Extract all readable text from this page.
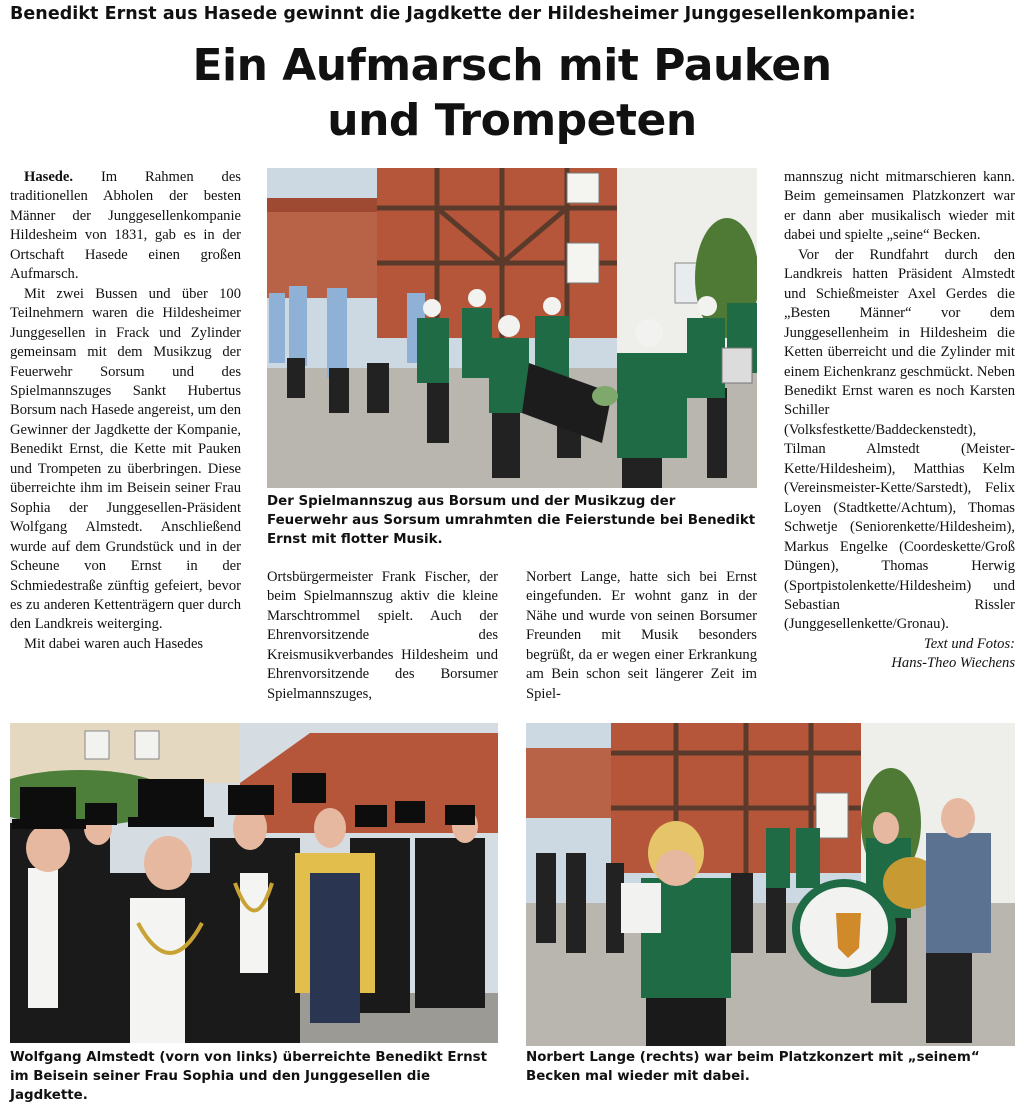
Benedikt Ernst aus Hasede gewinnt die Jagdkette der Hildesheimer Junggesellenkompanie:
Ein Aufmarsch mit Pauken
und Trompeten

Hasede. Im Rahmen des traditionellen Abholen der besten Männer der Junggesellenkompanie Hildesheim von 1831, gab es in der Ortschaft Hasede einen großen Aufmarsch.

Mit zwei Bussen und über 100 Teilnehmern waren die Hildesheimer Junggesellen in Frack und Zylinder gemeinsam mit dem Musikzug der Feuerwehr Sorsum und des Spielmannszuges Sankt Hubertus Borsum nach Hasede angereist, um den Gewinner der Jagdkette der Kompanie, Benedikt Ernst, die Kette mit Pauken und Trompeten zu überbringen. Diese überreichte ihm im Beisein seiner Frau Sophia der Junggesellen-Präsident Wolfgang Almstedt. Anschließend wurde auf dem Grundstück und in der Scheune von Ernst in der Schmiedestraße zünftig gefeiert, bevor es zu anderen Kettenträgern quer durch den Landkreis weiterging.

Mit dabei waren auch Hasedes

Der Spielmannszug aus Borsum und der Musikzug der Feuerwehr aus Sorsum umrahmten die Feierstunde bei Benedikt Ernst mit flotter Musik.

Ortsbürgermeister Frank Fischer, der beim Spielmannszug aktiv die kleine Marschtrommel spielt. Auch der Ehrenvorsitzende des Kreismusikverbandes Hildesheim und Ehrenvorsitzende des Borsumer Spielmannszuges,

Norbert Lange, hatte sich bei Ernst eingefunden. Er wohnt ganz in der Nähe und wurde von seinen Borsumer Freunden mit Musik besonders begrüßt, da er wegen einer Erkrankung am Bein schon seit längerer Zeit im Spiel-

mannszug nicht mitmarschieren kann. Beim gemeinsamen Platzkonzert war er dann aber musikalisch wieder mit dabei und spielte „seine“ Becken.

Vor der Rundfahrt durch den Landkreis hatten Präsident Almstedt und Schießmeister Axel Gerdes die „Besten Männer“ vor dem Junggesellenheim in Hildesheim die Ketten überreicht und die Zylinder mit einem Eichenkranz geschmückt. Neben Benedikt Ernst waren es noch Karsten Schiller (Volksfestkette/Baddeckenstedt), Tilman Almstedt (Meister-Kette/Hildesheim), Matthias Kelm (Vereinsmeister-Kette/Sarstedt), Felix Loyen (Stadtkette/Achtum), Thomas Schwetje (Seniorenkette/Hildesheim), Markus Engelke (Coordeskette/Groß Düngen), Thomas Herwig (Sportpistolenkette/Hildesheim) und Sebastian Rissler (Junggesellenkette/Gronau).

Text und Fotos:
Hans-Theo Wiechens
Wolfgang Almstedt (vorn von links) überreichte Benedikt Ernst im Beisein seiner Frau Sophia und den Junggesellen die Jagdkette.
Norbert Lange (rechts) war beim Platzkonzert mit „seinem“ Becken mal wieder mit dabei.
